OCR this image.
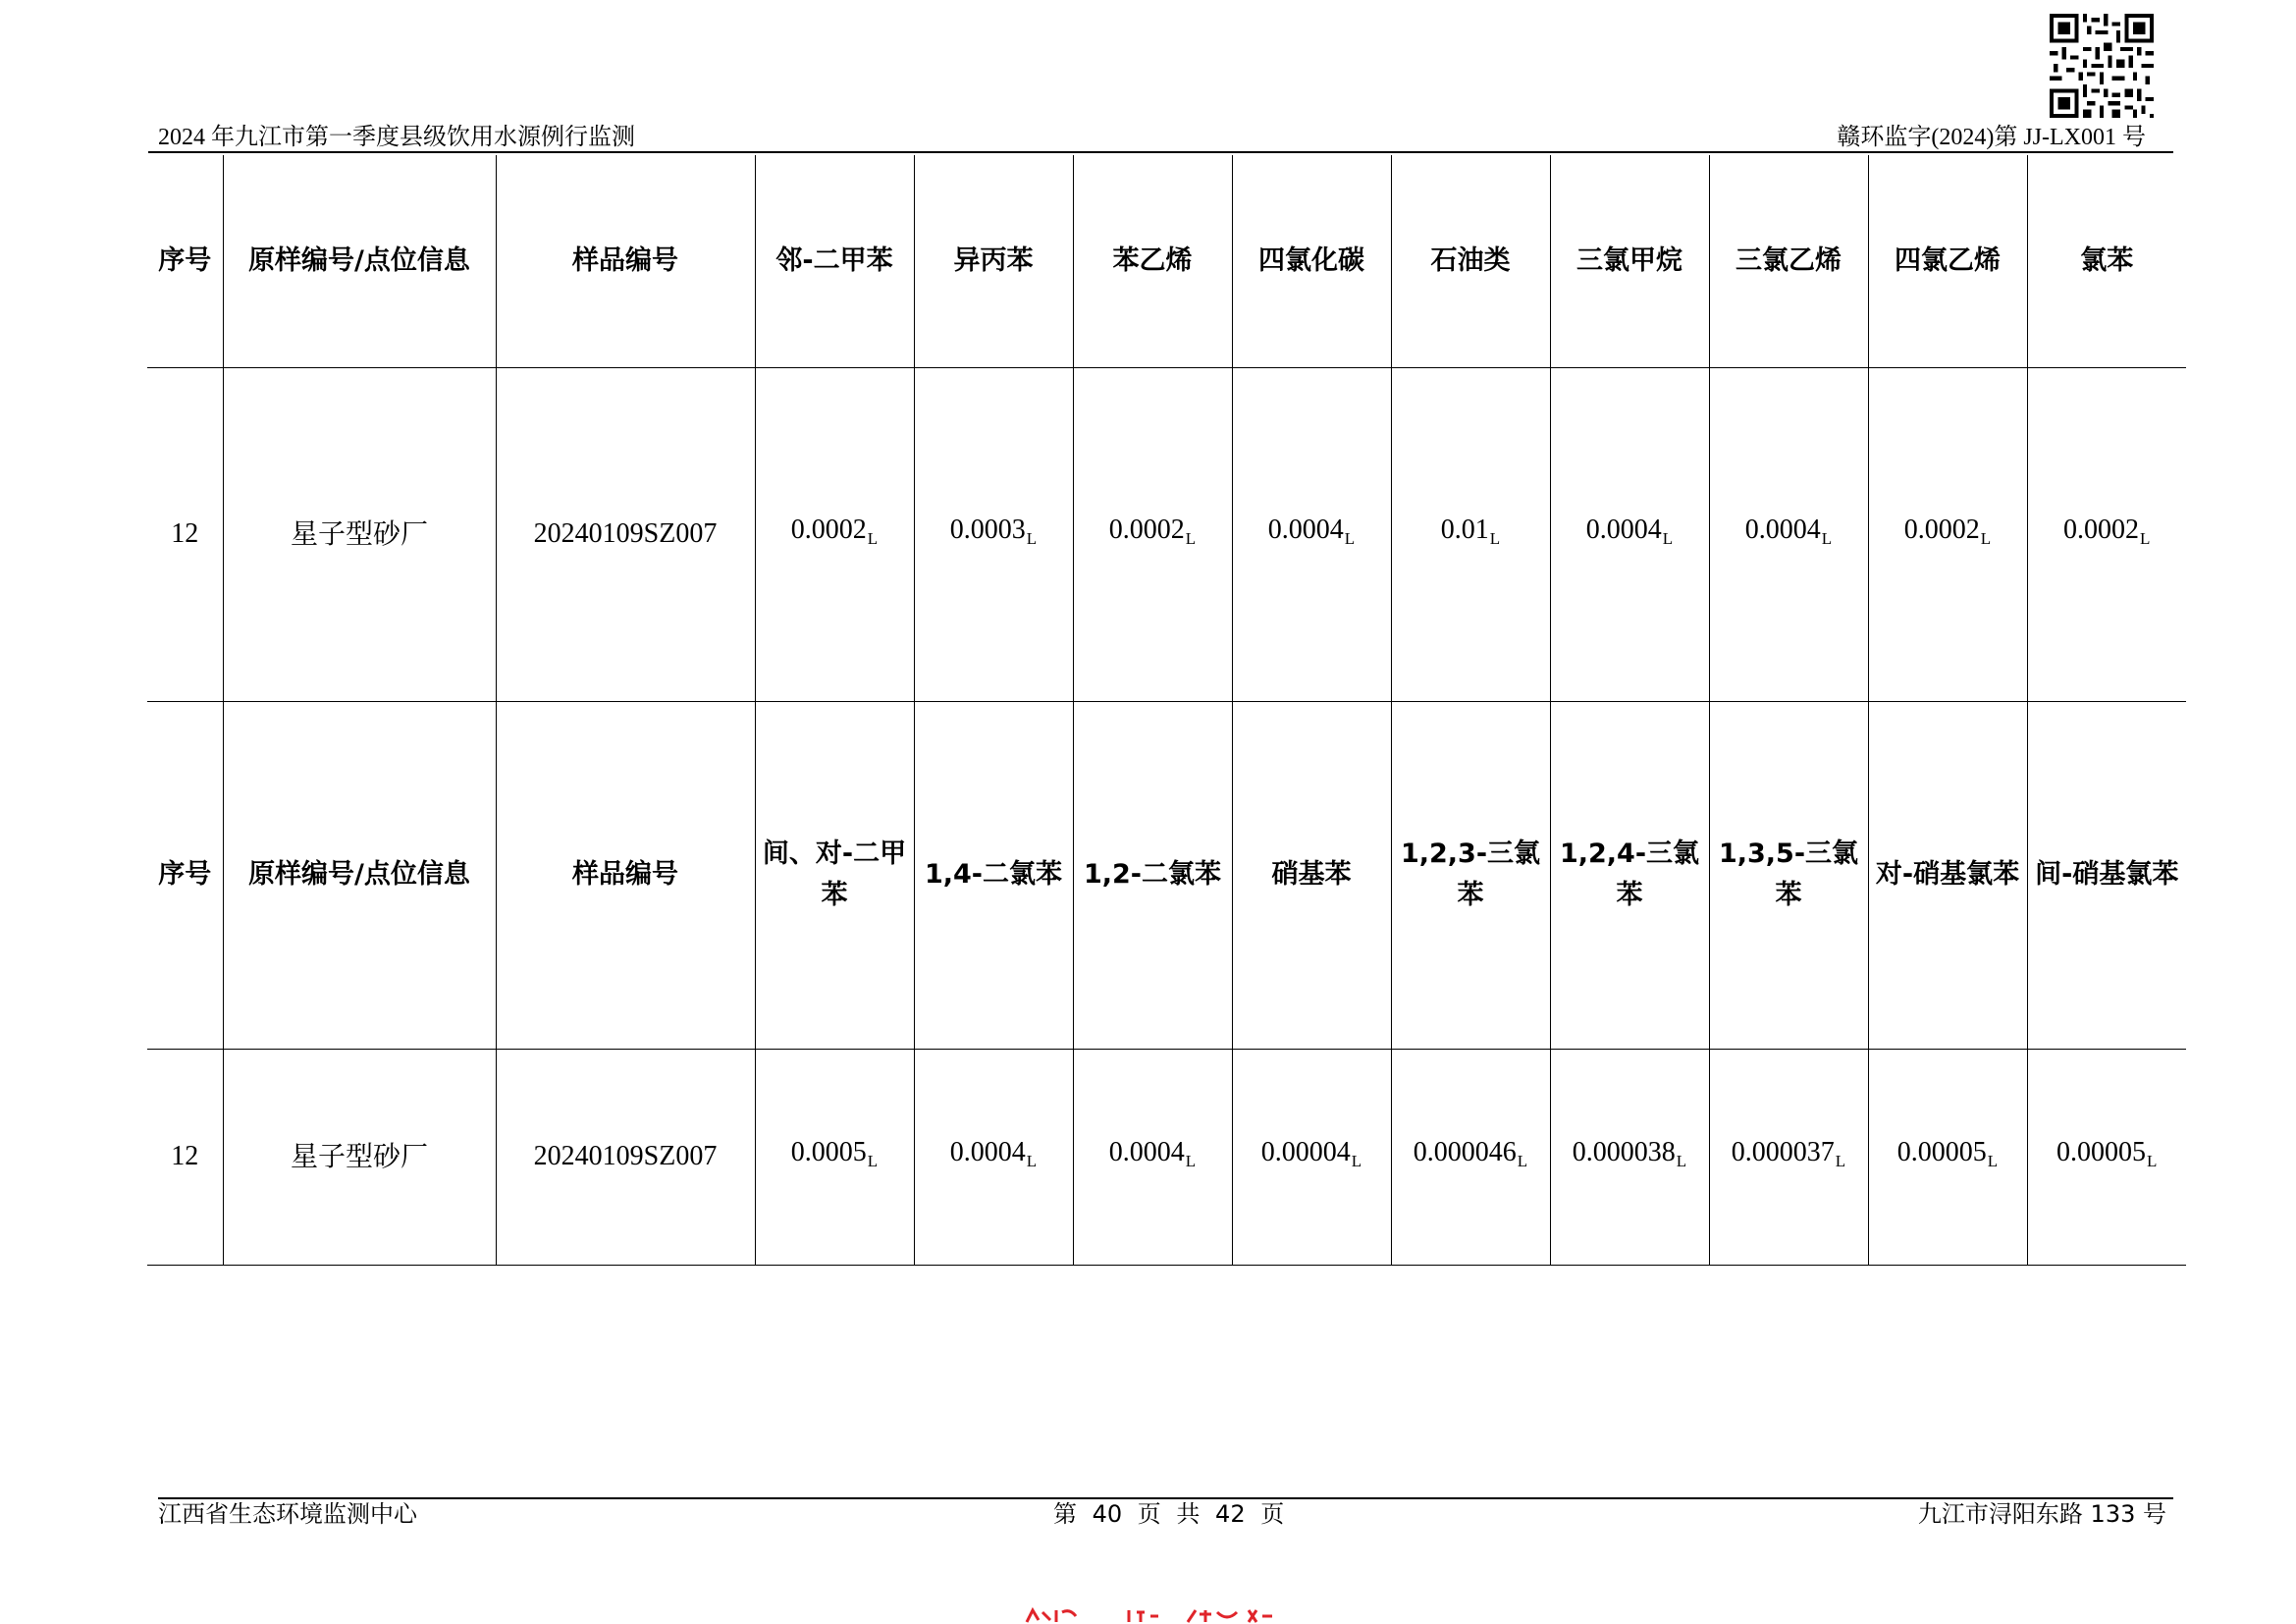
2024 年九江市第一季度县级饮用水源例行监测	赣环监字(2024)第 JJ-LX001 号
序号	原样编号/点位信息	样品编号	邻-二甲苯	异丙苯	苯乙烯	四氯化碳	石油类	三氯甲烷	三氯乙烯	四氯乙烯	氯苯
12	星子型砂厂	20240109SZ007	$0.0002_L$	$0.0003_L$	$0.0002_L$	$0.0004_L$	$0.01_L$	$0.0004_L$	$0.0004_L$	$0.0002_L$	$0.0002_L$
序号	原样编号/点位信息	样品编号	间、对-二甲苯	1,4-二氯苯	1,2-二氯苯	硝基苯	1,2,3-三氯苯	1,2,4-三氯苯	1,3,5-三氯苯	对-硝基氯苯	间-硝基氯苯
12	星子型砂厂	20240109SZ007	$0.0005_L$	$0.0004_L$	$0.0004_L$	$0.00004_L$	$0.000046_L$	$0.000038_L$	$0.000037_L$	$0.00005_L$	$0.00005_L$
江西省生态环境监测中心	第 40 页 共 42 页	九江市浔阳东路 133 号
